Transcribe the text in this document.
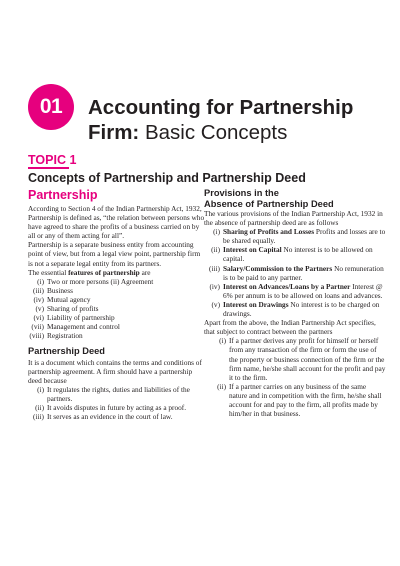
01	Accounting for Partnership
Firm: Basic Concepts
TOPIC 1
Concepts of Partnership and Partnership Deed
Partnership

According to Section 4 of the Indian Partnership Act, 1932, Partnership is defined as, “the relation between persons who have agreed to share the profits of a business carried on by all or any of them acting for all”.

Partnership is a separate business entity from accounting point of view, but from a legal view point, partnership firm is not a separate legal entity from its partners.

The essential features of partnership are

(i) Two or more persons (ii) Agreement
(iii) Business
(iv) Mutual agency
(v) Sharing of profits
(vi) Liability of partnership
(vii) Management and control
(viii) Registration
Partnership Deed

It is a document which contains the terms and conditions of partnership agreement. A firm should have a partnership deed because

(i) It regulates the rights, duties and liabilities of the partners.
(ii) It avoids disputes in future by acting as a proof.
(iii) It serves as an evidence in the court of law.
Provisions in the
Absence of Partnership Deed

The various provisions of the Indian Partnership Act, 1932 in the absence of partnership deed are as follows

(i) Sharing of Profits and Losses Profits and losses are to be shared equally.
(ii) Interest on Capital No interest is to be allowed on capital.
(iii) Salary/Commission to the Partners No remuneration is to be paid to any partner.
(iv) Interest on Advances/Loans by a Partner Interest @ 6% per annum is to be allowed on loans and advances.
(v) Interest on Drawings No interest is to be charged on drawings.

Apart from the above, the Indian Partnership Act specifies, that subject to contract between the partners

(i) If a partner derives any profit for himself or herself from any transaction of the firm or form the use of the property or business connection of the firm or the firm name, he/she shall account for the profit and pay it to the firm.
(ii) If a partner carries on any business of the same nature and in competition with the firm, he/she shall account for and pay to the firm, all profits made by him/her in that business.
